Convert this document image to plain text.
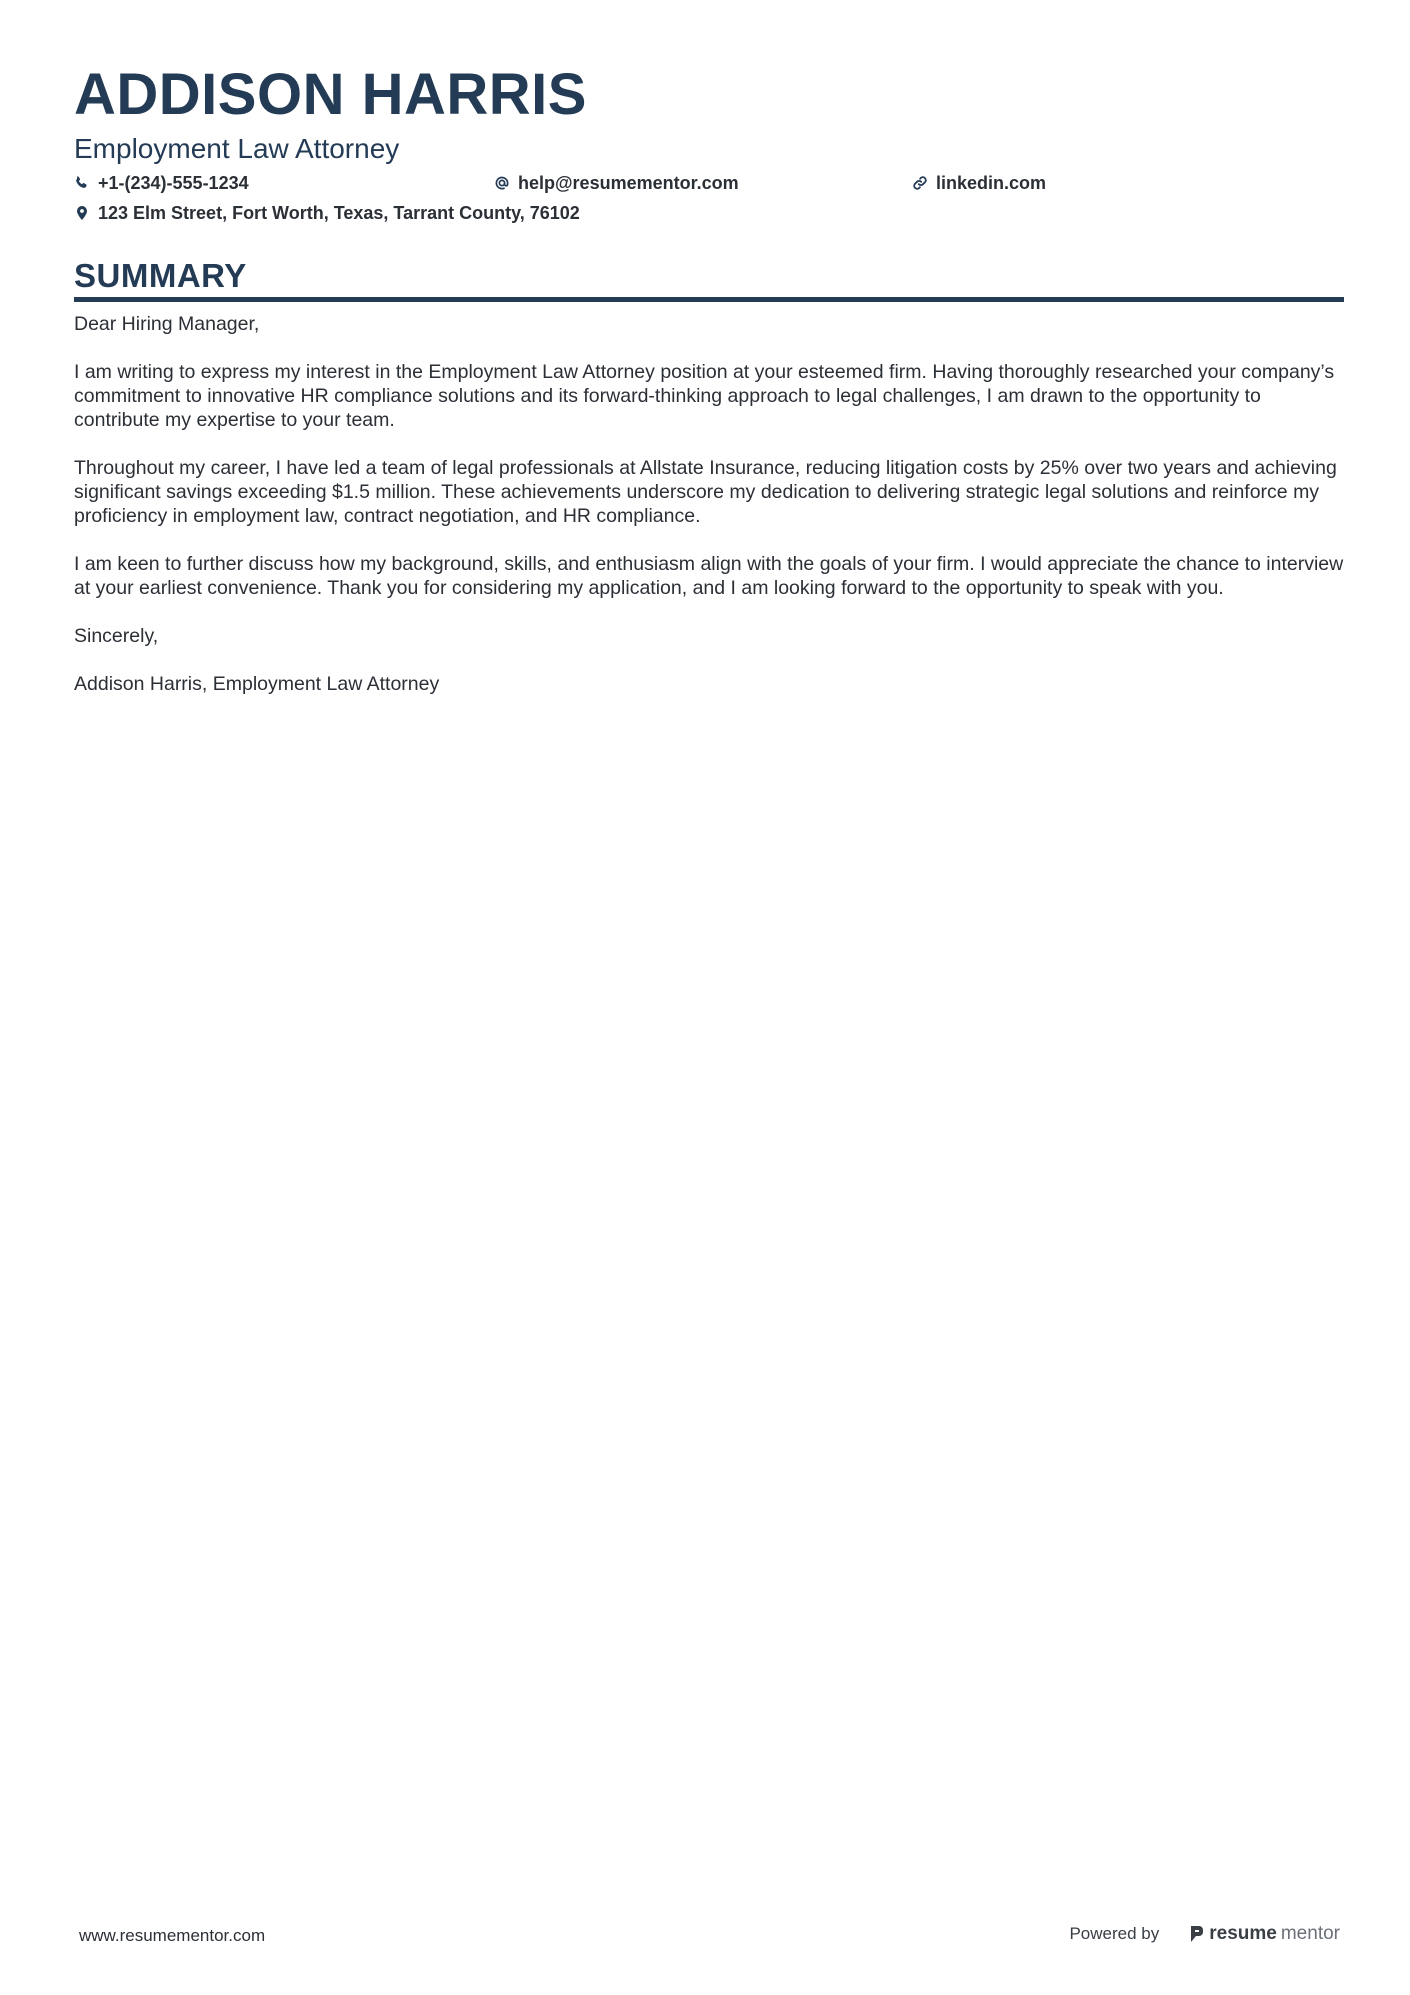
ADDISON HARRIS
Employment Law Attorney
+1-(234)-555-1234	help@resumementor.com	linkedin.com
123 Elm Street, Fort Worth, Texas, Tarrant County, 76102
SUMMARY

Dear Hiring Manager,

I am writing to express my interest in the Employment Law Attorney position at your esteemed firm. Having thoroughly researched your company’s commitment to innovative HR compliance solutions and its forward-thinking approach to legal challenges, I am drawn to the opportunity to contribute my expertise to your team.

Throughout my career, I have led a team of legal professionals at Allstate Insurance, reducing litigation costs by 25% over two years and achieving significant savings exceeding $1.5 million. These achievements underscore my dedication to delivering strategic legal solutions and reinforce my proficiency in employment law, contract negotiation, and HR compliance.

I am keen to further discuss how my background, skills, and enthusiasm align with the goals of your firm. I would appreciate the chance to interview at your earliest convenience. Thank you for considering my application, and I am looking forward to the opportunity to speak with you.

Sincerely,

Addison Harris, Employment Law Attorney

www.resumementor.com	Powered by	resume mentor
